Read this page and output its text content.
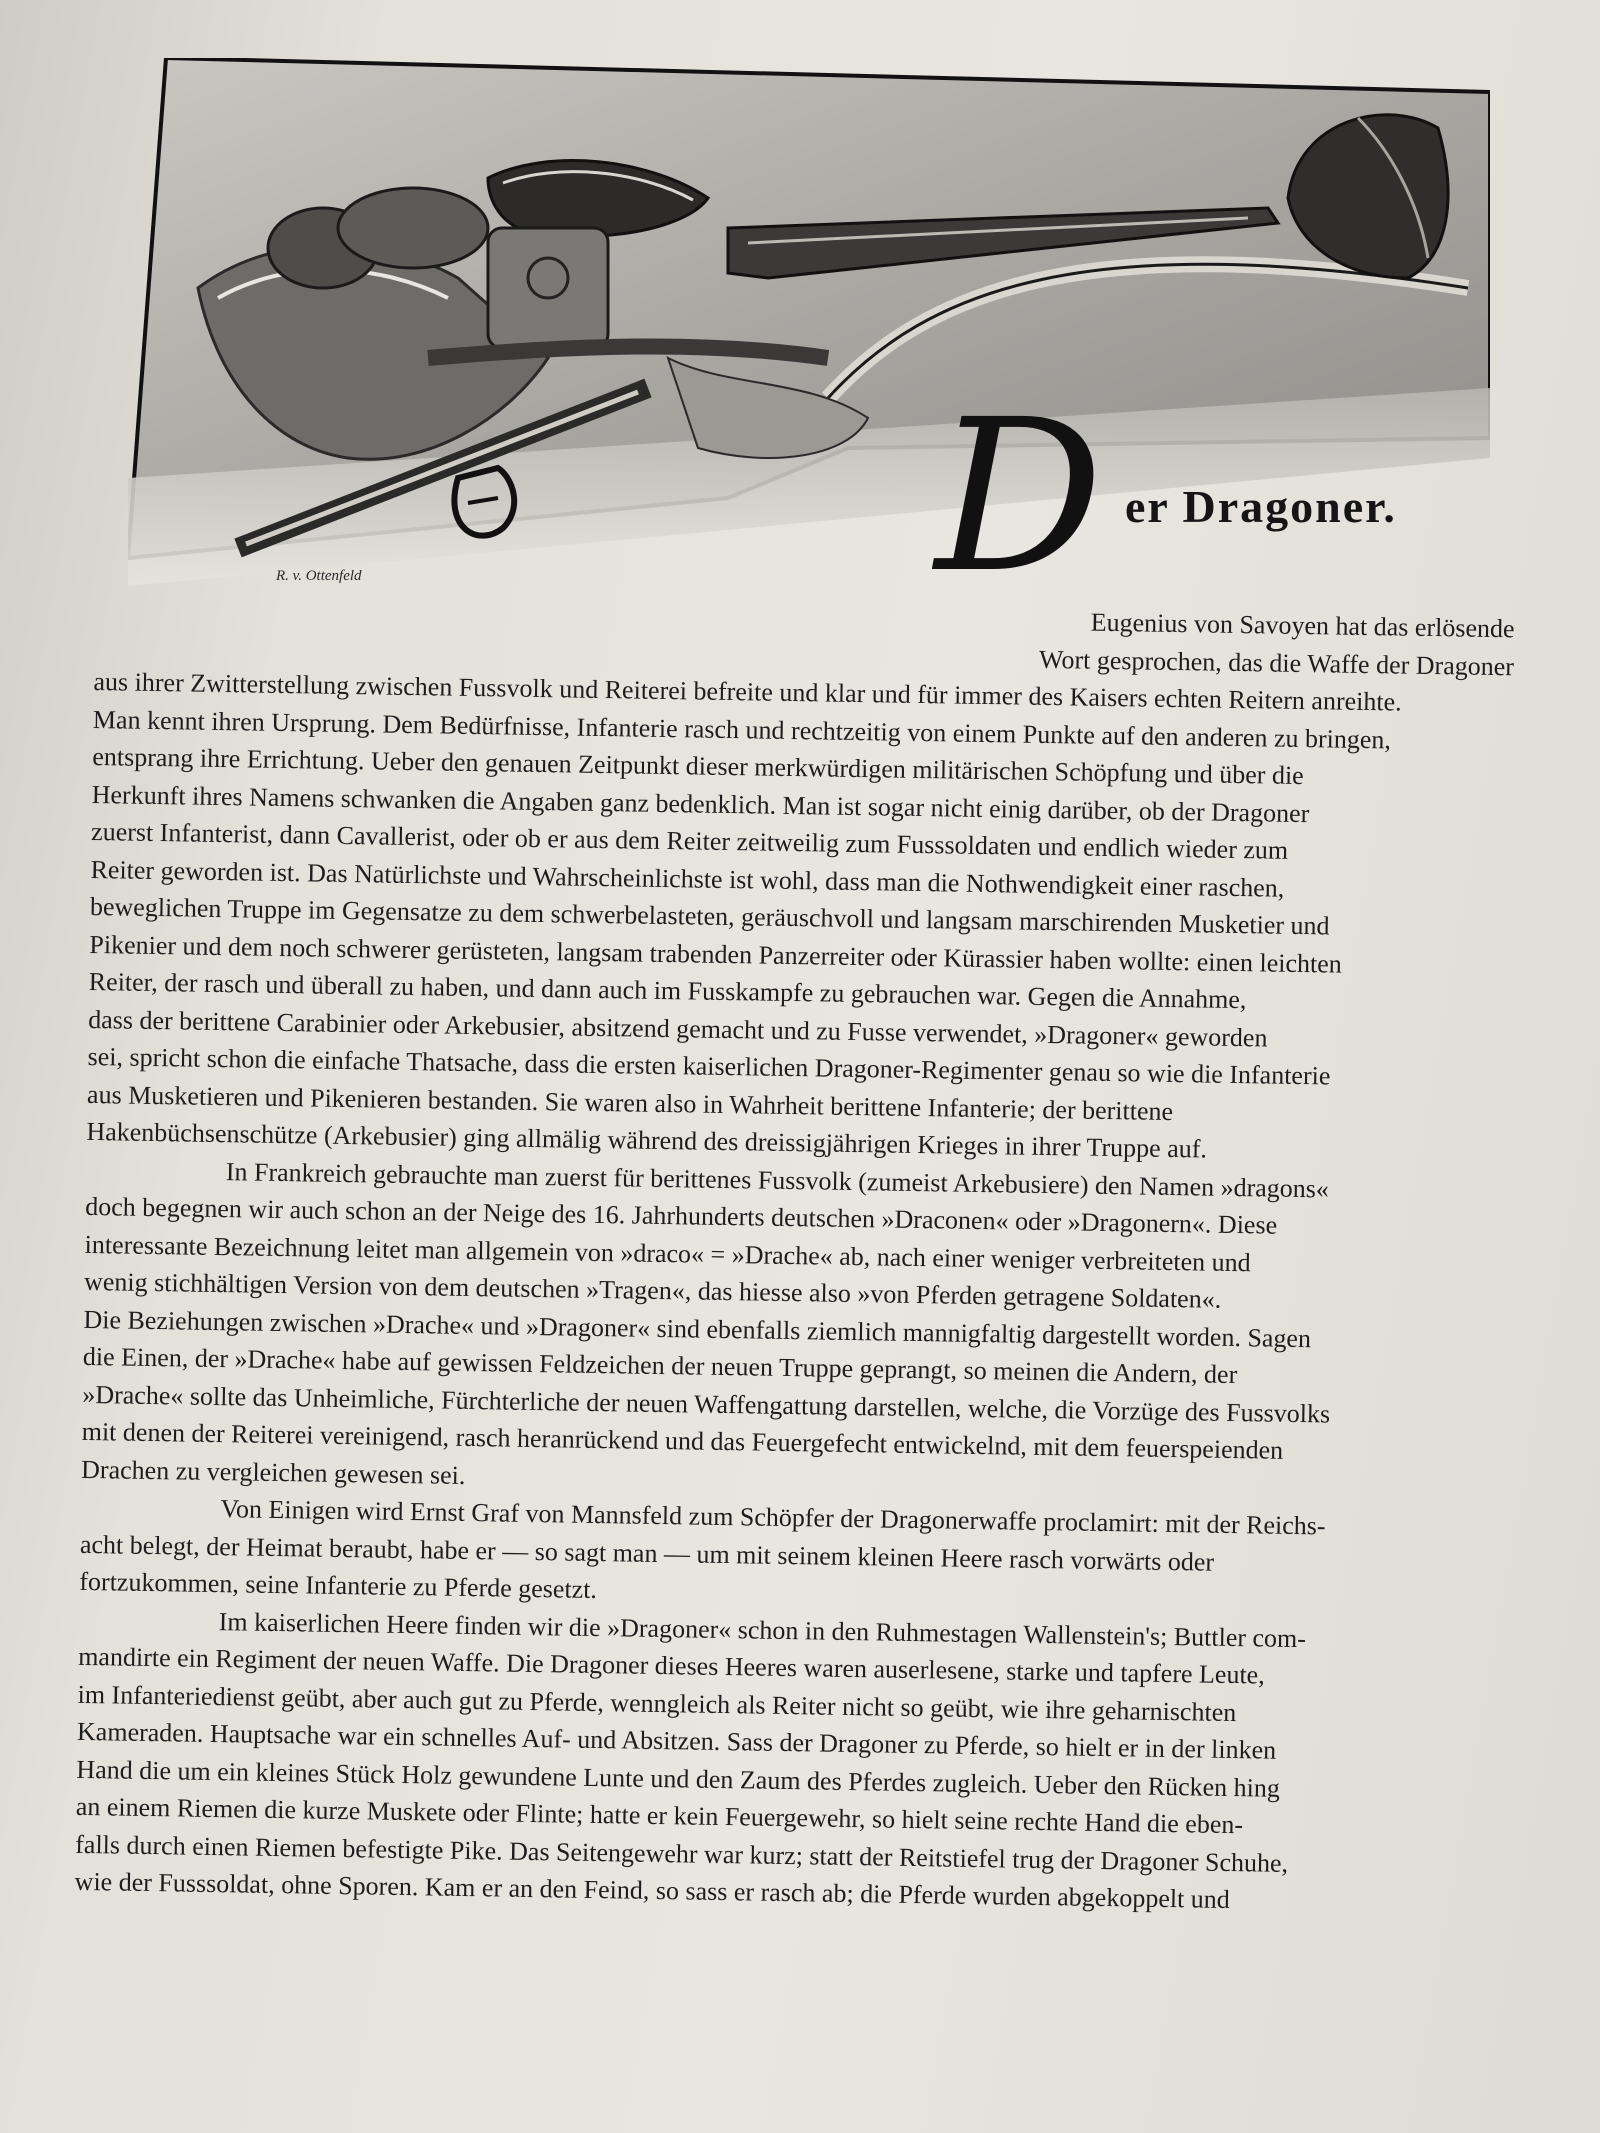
R. v. Ottenfeld	D er Dragoner.
Eugenius von Savoyen hat das erlösende
Wort gesprochen, das die Waffe der Dragoner
aus ihrer Zwitterstellung zwischen Fussvolk und Reiterei befreite und klar und für immer des Kaisers echten Reitern anreihte.
Man kennt ihren Ursprung. Dem Bedürfnisse, Infanterie rasch und rechtzeitig von einem Punkte auf den anderen zu bringen,
entsprang ihre Errichtung. Ueber den genauen Zeitpunkt dieser merkwürdigen militärischen Schöpfung und über die
Herkunft ihres Namens schwanken die Angaben ganz bedenklich. Man ist sogar nicht einig darüber, ob der Dragoner
zuerst Infanterist, dann Cavallerist, oder ob er aus dem Reiter zeitweilig zum Fusssoldaten und endlich wieder zum
Reiter geworden ist. Das Natürlichste und Wahrscheinlichste ist wohl, dass man die Nothwendigkeit einer raschen,
beweglichen Truppe im Gegensatze zu dem schwerbelasteten, geräuschvoll und langsam marschirenden Musketier und
Pikenier und dem noch schwerer gerüsteten, langsam trabenden Panzerreiter oder Kürassier haben wollte: einen leichten
Reiter, der rasch und überall zu haben, und dann auch im Fusskampfe zu gebrauchen war. Gegen die Annahme,
dass der berittene Carabinier oder Arkebusier, absitzend gemacht und zu Fusse verwendet, »Dragoner« geworden
sei, spricht schon die einfache Thatsache, dass die ersten kaiserlichen Dragoner-Regimenter genau so wie die Infanterie
aus Musketieren und Pikenieren bestanden. Sie waren also in Wahrheit berittene Infanterie; der berittene
Hakenbüchsenschütze (Arkebusier) ging allmälig während des dreissigjährigen Krieges in ihrer Truppe auf.
In Frankreich gebrauchte man zuerst für berittenes Fussvolk (zumeist Arkebusiere) den Namen »dragons«
doch begegnen wir auch schon an der Neige des 16. Jahrhunderts deutschen »Draconen« oder »Dragonern«. Diese
interessante Bezeichnung leitet man allgemein von »draco« = »Drache« ab, nach einer weniger verbreiteten und
wenig stichhältigen Version von dem deutschen »Tragen«, das hiesse also »von Pferden getragene Soldaten«.
Die Beziehungen zwischen »Drache« und »Dragoner« sind ebenfalls ziemlich mannigfaltig dargestellt worden. Sagen
die Einen, der »Drache« habe auf gewissen Feldzeichen der neuen Truppe geprangt, so meinen die Andern, der
»Drache« sollte das Unheimliche, Fürchterliche der neuen Waffengattung darstellen, welche, die Vorzüge des Fussvolks
mit denen der Reiterei vereinigend, rasch heranrückend und das Feuergefecht entwickelnd, mit dem feuerspeienden
Drachen zu vergleichen gewesen sei.
Von Einigen wird Ernst Graf von Mannsfeld zum Schöpfer der Dragonerwaffe proclamirt: mit der Reichs-
acht belegt, der Heimat beraubt, habe er — so sagt man — um mit seinem kleinen Heere rasch vorwärts oder
fortzukommen, seine Infanterie zu Pferde gesetzt.
Im kaiserlichen Heere finden wir die »Dragoner« schon in den Ruhmestagen Wallenstein's; Buttler com-
mandirte ein Regiment der neuen Waffe. Die Dragoner dieses Heeres waren auserlesene, starke und tapfere Leute,
im Infanteriedienst geübt, aber auch gut zu Pferde, wenngleich als Reiter nicht so geübt, wie ihre geharnischten
Kameraden. Hauptsache war ein schnelles Auf- und Absitzen. Sass der Dragoner zu Pferde, so hielt er in der linken
Hand die um ein kleines Stück Holz gewundene Lunte und den Zaum des Pferdes zugleich. Ueber den Rücken hing
an einem Riemen die kurze Muskete oder Flinte; hatte er kein Feuergewehr, so hielt seine rechte Hand die eben-
falls durch einen Riemen befestigte Pike. Das Seitengewehr war kurz; statt der Reitstiefel trug der Dragoner Schuhe,
wie der Fusssoldat, ohne Sporen. Kam er an den Feind, so sass er rasch ab; die Pferde wurden abgekoppelt und
